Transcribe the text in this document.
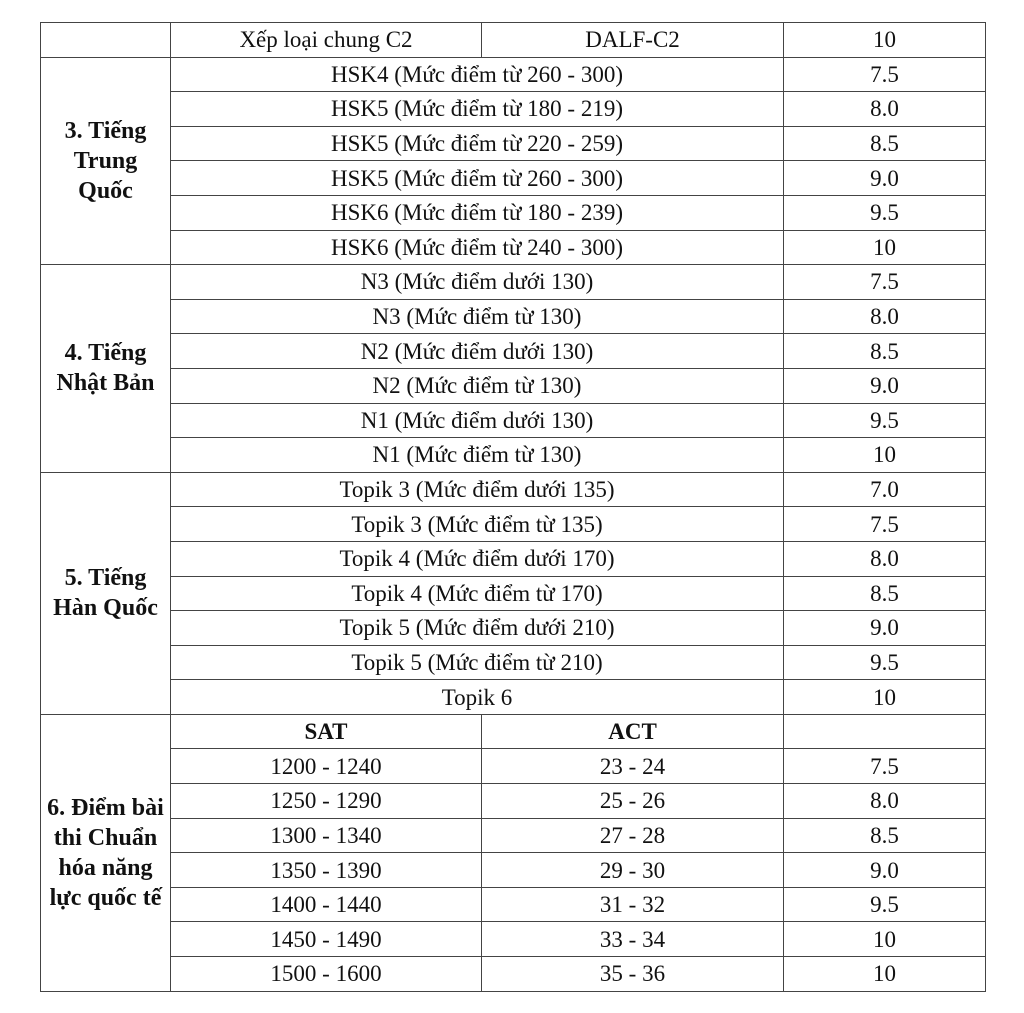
	Xếp loại chung C2	DALF-C2	10
3. Tiếng Trung Quốc	HSK4 (Mức điểm từ 260 - 300)		7.5
	HSK5 (Mức điểm từ 180 - 219)		8.0
	HSK5 (Mức điểm từ 220 - 259)		8.5
	HSK5 (Mức điểm từ 260 - 300)		9.0
	HSK6 (Mức điểm từ 180 - 239)		9.5
	HSK6 (Mức điểm từ 240 - 300)		10
4. Tiếng Nhật Bản	N3 (Mức điểm dưới 130)		7.5
	N3 (Mức điểm từ 130)		8.0
	N2 (Mức điểm dưới 130)		8.5
	N2 (Mức điểm từ 130)		9.0
	N1 (Mức điểm dưới 130)		9.5
	N1 (Mức điểm từ 130)		10
5. Tiếng Hàn Quốc	Topik 3 (Mức điểm dưới 135)		7.0
	Topik 3 (Mức điểm từ 135)		7.5
	Topik 4 (Mức điểm dưới 170)		8.0
	Topik 4 (Mức điểm từ 170)		8.5
	Topik 5 (Mức điểm dưới 210)		9.0
	Topik 5 (Mức điểm từ 210)		9.5
	Topik 6		10
6. Điểm bài thi Chuẩn hóa năng lực quốc tế	SAT	ACT	
	1200 - 1240	23 - 24	7.5
	1250 - 1290	25 - 26	8.0
	1300 - 1340	27 - 28	8.5
	1350 - 1390	29 - 30	9.0
	1400 - 1440	31 - 32	9.5
	1450 - 1490	33 - 34	10
	1500 - 1600	35 - 36	10
